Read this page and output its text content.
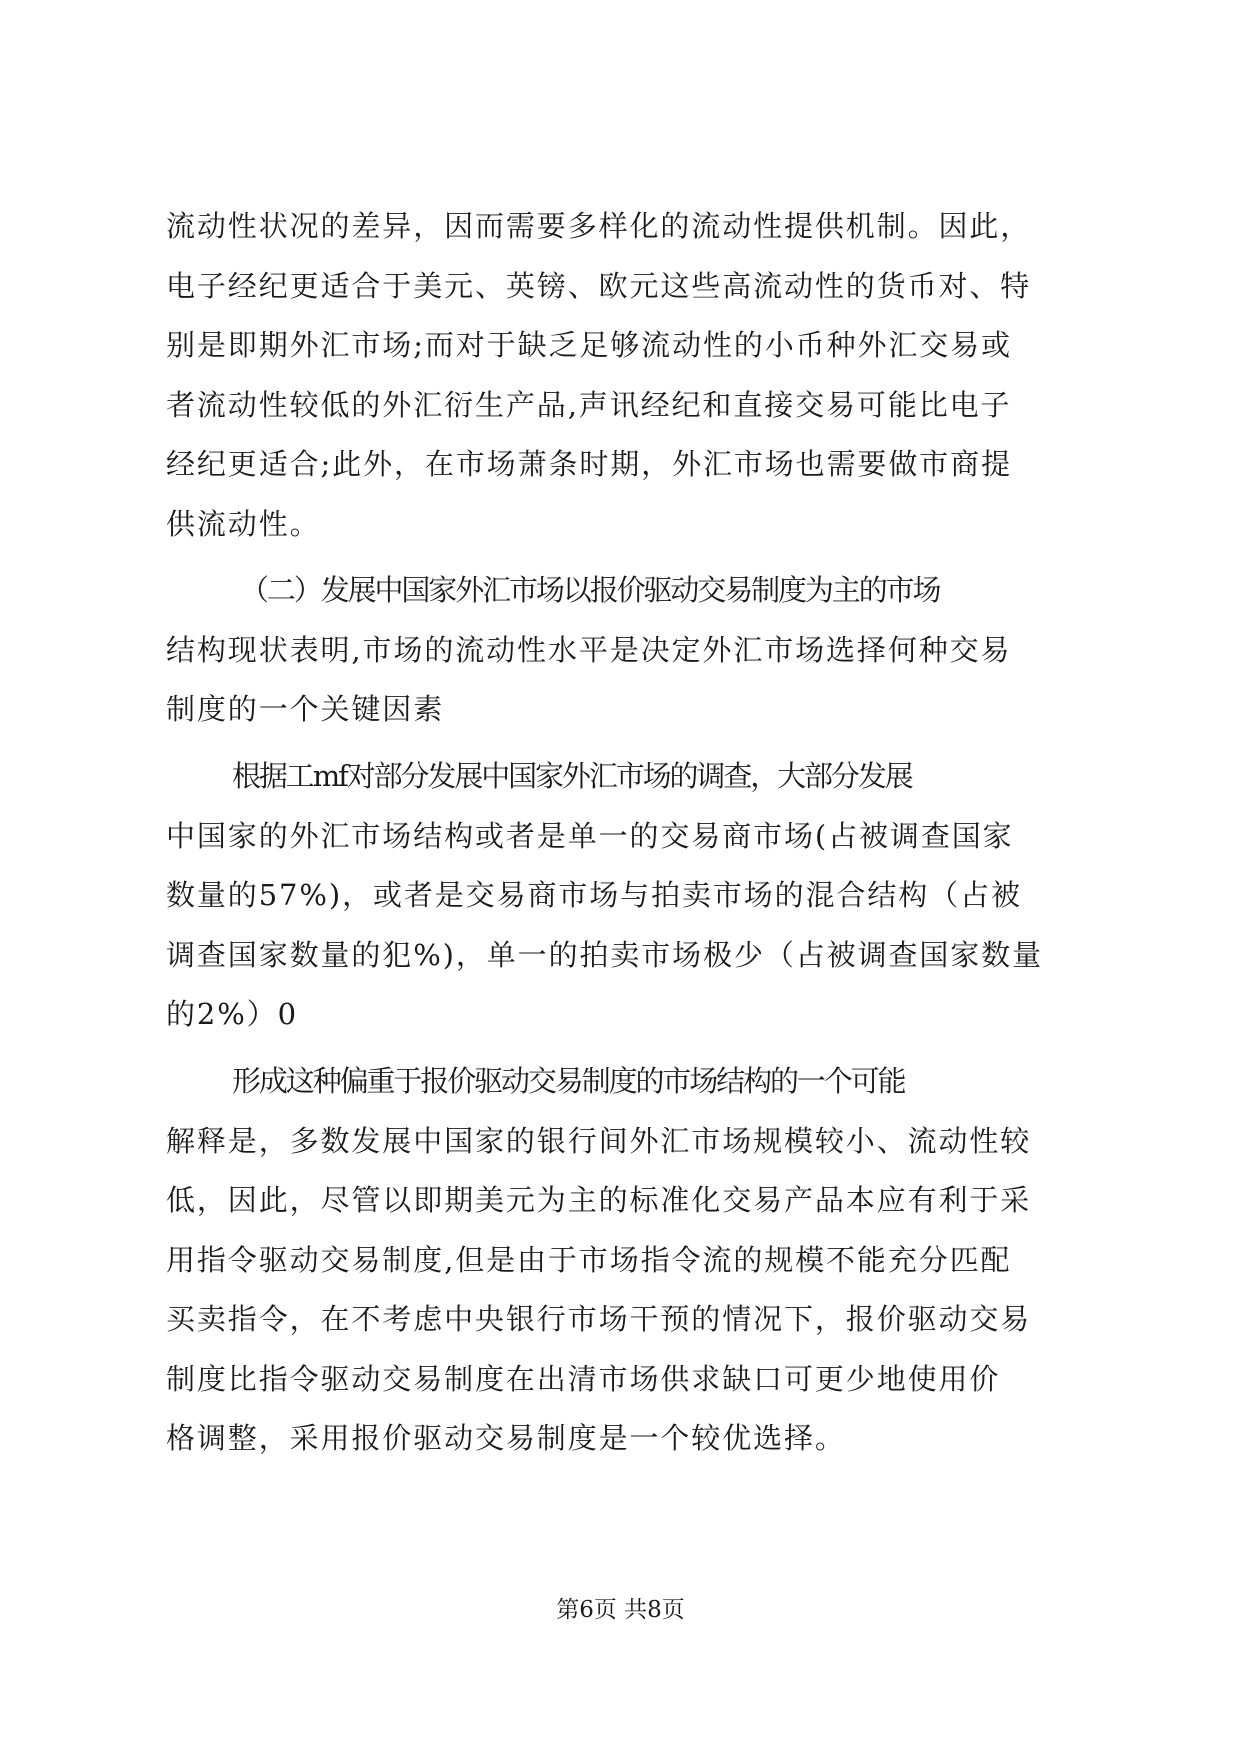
流动性状况的差异，因而需要多样化的流动性提供机制。因此，
电子经纪更适合于美元、英镑、欧元这些高流动性的货币对、特
别是即期外汇市场;而对于缺乏足够流动性的小币种外汇交易或
者流动性较低的外汇衍生产品,声讯经纪和直接交易可能比电子
经纪更适合;此外，在市场萧条时期，外汇市场也需要做市商提
供流动性。
（二）发展中国家外汇市场以报价驱动交易制度为主的市场
结构现状表明,市场的流动性水平是决定外汇市场选择何种交易
制度的一个关键因素
根据工mf对部分发展中国家外汇市场的调查，大部分发展
中国家的外汇市场结构或者是单一的交易商市场(占被调查国家
数量的57%)，或者是交易商市场与拍卖市场的混合结构（占被
调查国家数量的犯%)，单一的拍卖市场极少（占被调查国家数量
的2%）0
形成这种偏重于报价驱动交易制度的市场结构的一个可能
解释是，多数发展中国家的银行间外汇市场规模较小、流动性较
低，因此，尽管以即期美元为主的标准化交易产品本应有利于采
用指令驱动交易制度,但是由于市场指令流的规模不能充分匹配
买卖指令，在不考虑中央银行市场干预的情况下，报价驱动交易
制度比指令驱动交易制度在出清市场供求缺口可更少地使用价
格调整，采用报价驱动交易制度是一个较优选择。
第6页 共8页
